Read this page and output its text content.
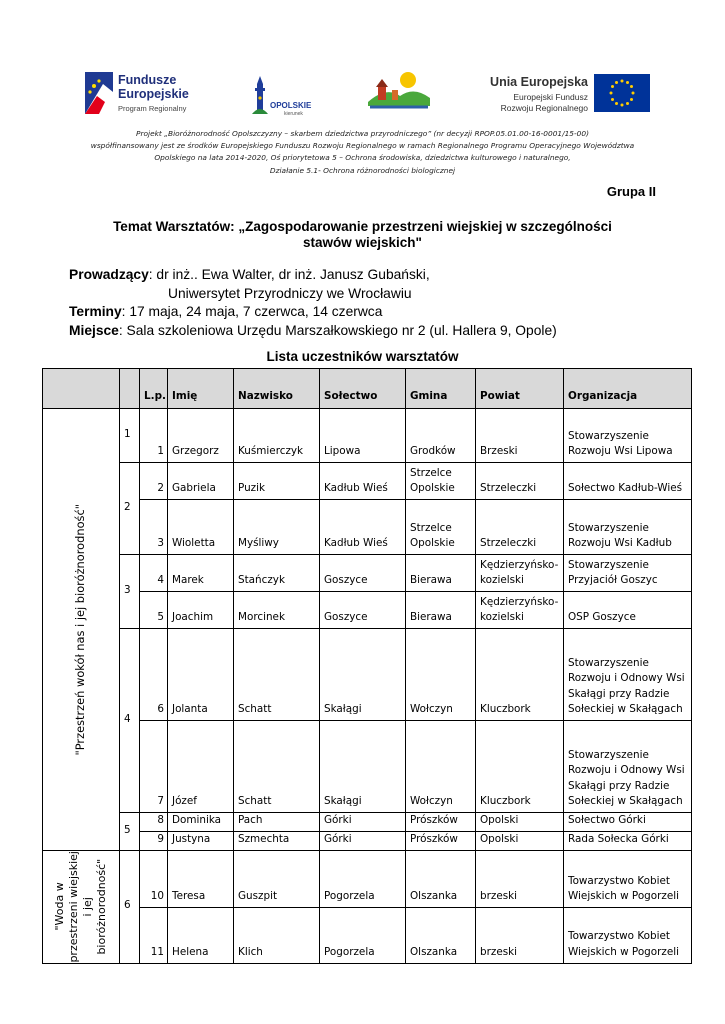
Fundusze
Europejskie
Program Regionalny	OPOLSKIE
kierunek
Unia Europejska
Europejski Fundusz
Rozwoju Regionalnego
Projekt „Bioróżnorodność Opolszczyzny – skarbem dziedzictwa przyrodniczego” (nr decyzji RPOP.05.01.00-16-0001/15-00)
współfinansowany jest ze środków Europejskiego Funduszu Rozwoju Regionalnego w ramach Regionalnego Programu Operacyjnego Województwa
Opolskiego na lata 2014-2020, Oś priorytetowa 5 – Ochrona środowiska, dziedzictwa kulturowego i naturalnego,
Działanie 5.1- Ochrona różnorodności biologicznej
Grupa II
Temat Warsztatów: „Zagospodarowanie przestrzeni wiejskiej w szczególności
stawów wiejskich"
Prowadzący: dr inż.. Ewa Walter, dr inż. Janusz Gubański,
Uniwersytet Przyrodniczy we Wrocławiu
Terminy: 17 maja, 24 maja, 7 czerwca, 14 czerwca
Miejsce: Sala szkoleniowa Urzędu Marszałkowskiego nr 2 (ul. Hallera 9, Opole)
Lista uczestników warsztatów
		L.p.	Imię	Nazwisko	Sołectwo	Gmina	Powiat	Organizacja

"Przestrzeń wokół nas i jej bioróżnorodność"	1	1	Grzegorz	Kuśmierczyk	Lipowa	Grodków	Brzeski	Stowarzyszenie Rozwoju Wsi Lipowa
	2	2	Gabriela	Puzik	Kadłub Wieś	Strzelce Opolskie	Strzeleczki	Sołectwo Kadłub-Wieś
		3	Wioletta	Myśliwy	Kadłub Wieś	Strzelce Opolskie	Strzeleczki	Stowarzyszenie Rozwoju Wsi Kadłub
	3	4	Marek	Stańczyk	Goszyce	Bierawa	Kędzierzyńsko-kozielski	Stowarzyszenie Przyjaciół Goszyc
		5	Joachim	Morcinek	Goszyce	Bierawa	Kędzierzyńsko-kozielski	OSP Goszyce
	4	6	Jolanta	Schatt	Skałągi	Wołczyn	Kluczbork	Stowarzyszenie Rozwoju i Odnowy Wsi Skałągi przy Radzie Sołeckiej w Skałągach
		7	Józef	Schatt	Skałągi	Wołczyn	Kluczbork	Stowarzyszenie Rozwoju i Odnowy Wsi Skałągi przy Radzie Sołeckiej w Skałągach
	5	8	Dominika	Pach	Górki	Prószków	Opolski	Sołectwo Górki
		9	Justyna	Szmechta	Górki	Prószków	Opolski	Rada Sołecka Górki

"Woda w
przestrzeni wiejskiej
i jej
bioróżnorodność"	6	10	Teresa	Guszpit	Pogorzela	Olszanka	brzeski	Towarzystwo Kobiet Wiejskich w Pogorzeli
		11	Helena	Klich	Pogorzela	Olszanka	brzeski	Towarzystwo Kobiet Wiejskich w Pogorzeli
